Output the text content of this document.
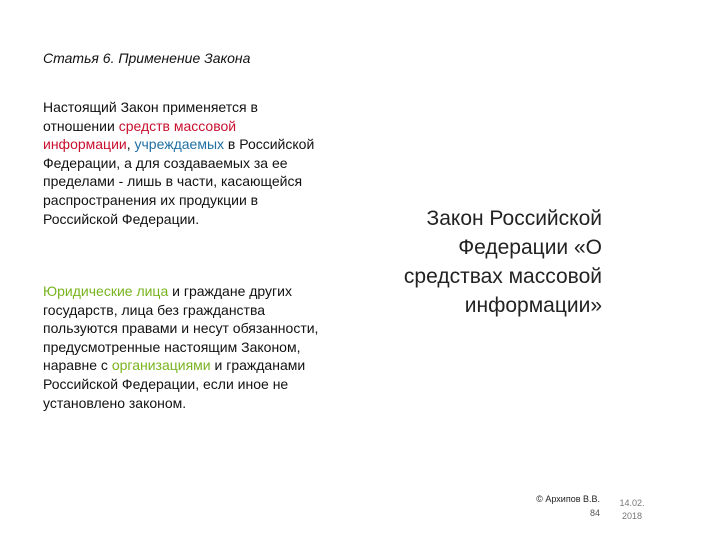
Статья 6. Применение Закона
Настоящий Закон применяется в отношении средств массовой информации, учреждаемых в Российской Федерации, а для создаваемых за ее пределами - лишь в части, касающейся распространения их продукции в Российской Федерации.
Юридические лица и граждане других государств, лица без гражданства пользуются правами и несут обязанности, предусмотренные настоящим Законом, наравне с организациями и гражданами Российской Федерации, если иное не установлено законом.
Закон Российской Федерации «О средствах массовой информации»
© Архипов В.В.
84
14.02.
2018
